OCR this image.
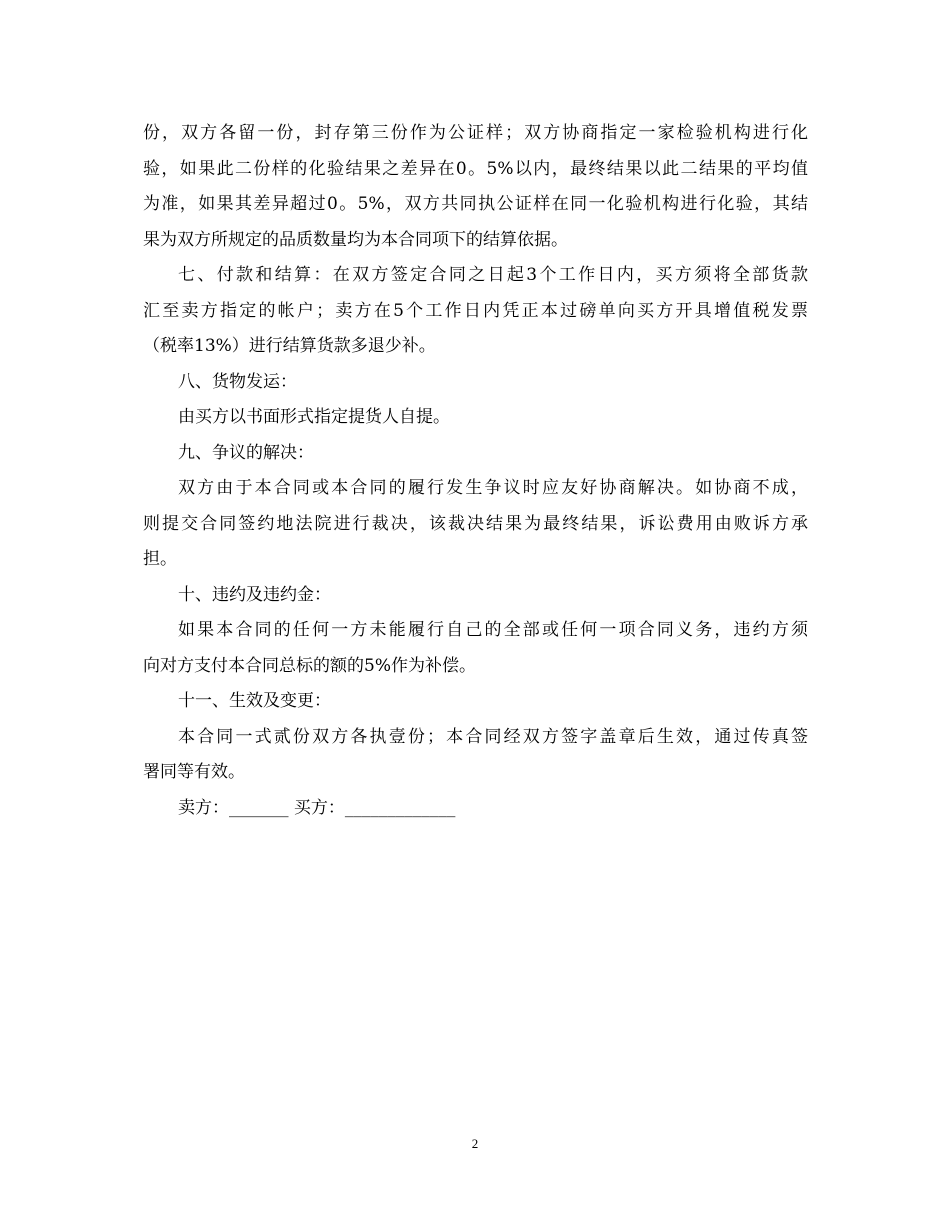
份，双方各留一份，封存第三份作为公证样；双方协商指定一家检验机构进行化
验，如果此二份样的化验结果之差异在0。5%以内，最终结果以此二结果的平均值
为准，如果其差异超过0。5%，双方共同执公证样在同一化验机构进行化验，其结
果为双方所规定的品质数量均为本合同项下的结算依据。
七、付款和结算：在双方签定合同之日起3个工作日内，买方须将全部货款
汇至卖方指定的帐户；卖方在5个工作日内凭正本过磅单向买方开具增值税发票
（税率13%）进行结算货款多退少补。
八、货物发运：
由买方以书面形式指定提货人自提。
九、争议的解决：
双方由于本合同或本合同的履行发生争议时应友好协商解决。如协商不成，
则提交合同签约地法院进行裁决，该裁决结果为最终结果，诉讼费用由败诉方承
担。
十、违约及违约金：
如果本合同的任何一方未能履行自己的全部或任何一项合同义务，违约方须
向对方支付本合同总标的额的5%作为补偿。
十一、生效及变更：
本合同一式贰份双方各执壹份；本合同经双方签字盖章后生效，通过传真签
署同等有效。
卖方：_______ 买方：_____________
2
